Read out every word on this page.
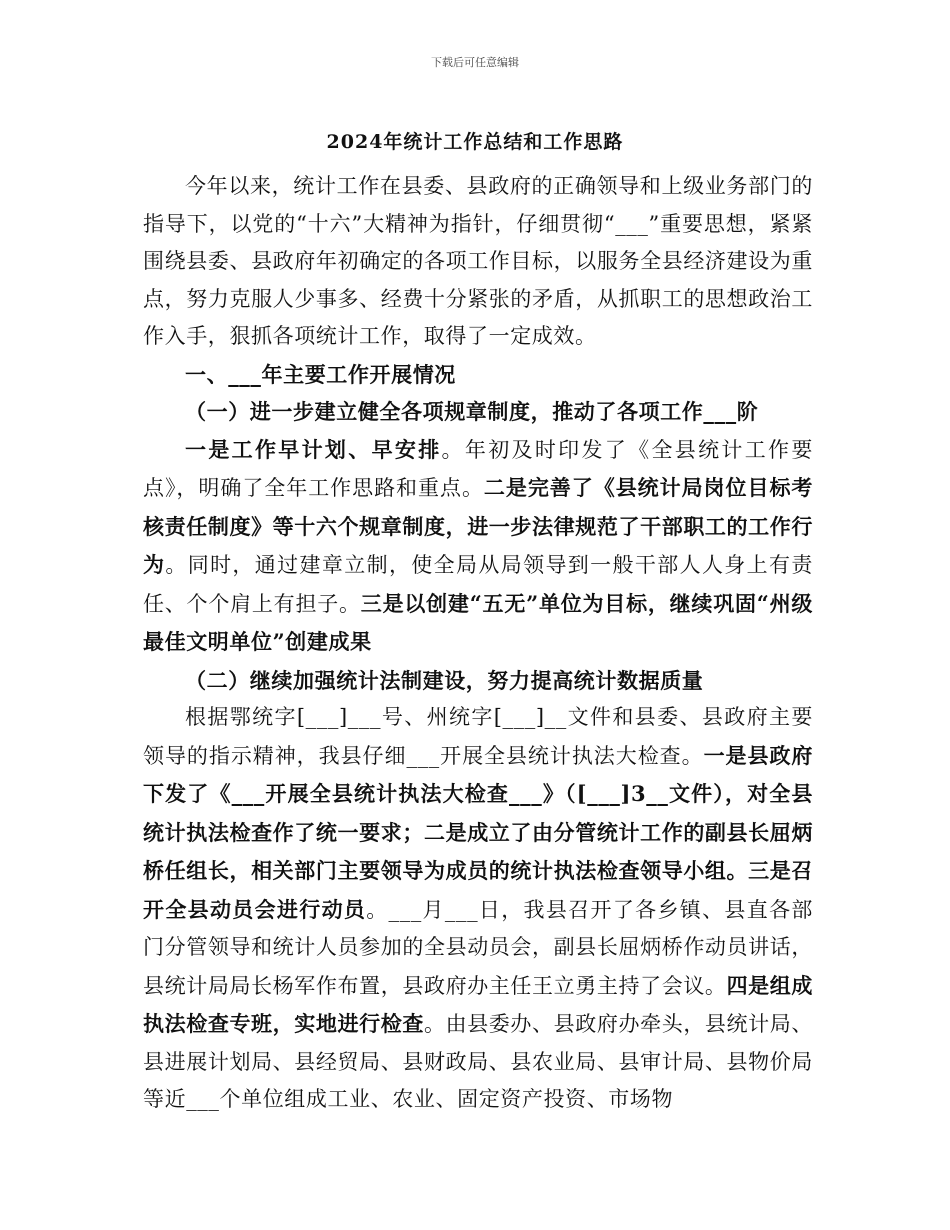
下载后可任意编辑
2024年统计工作总结和工作思路

今年以来，统计工作在县委、县政府的正确领导和上级业务部门的指导下，以党的“十六”大精神为指针，仔细贯彻“___”重要思想，紧紧围绕县委、县政府年初确定的各项工作目标，以服务全县经济建设为重点，努力克服人少事多、经费十分紧张的矛盾，从抓职工的思想政治工作入手，狠抓各项统计工作，取得了一定成效。

一、___年主要工作开展情况

（一）进一步建立健全各项规章制度，推动了各项工作___阶

一是工作早计划、早安排。年初及时印发了《全县统计工作要点》，明确了全年工作思路和重点。二是完善了《县统计局岗位目标考核责任制度》等十六个规章制度，进一步法律规范了干部职工的工作行为。同时，通过建章立制，使全局从局领导到一般干部人人身上有责任、个个肩上有担子。三是以创建“五无”单位为目标，继续巩固“州级最佳文明单位”创建成果

（二）继续加强统计法制建设，努力提高统计数据质量

根据鄂统字[___]___号、州统字[___]__文件和县委、县政府主要领导的指示精神，我县仔细___开展全县统计执法大检查。一是县政府下发了《___开展全县统计执法大检查___》（[___]3__文件），对全县统计执法检查作了统一要求；二是成立了由分管统计工作的副县长屈炳桥任组长，相关部门主要领导为成员的统计执法检查领导小组。三是召开全县动员会进行动员。___月___日，我县召开了各乡镇、县直各部门分管领导和统计人员参加的全县动员会，副县长屈炳桥作动员讲话，县统计局局长杨军作布置，县政府办主任王立勇主持了会议。四是组成执法检查专班，实地进行检查。由县委办、县政府办牵头，县统计局、县进展计划局、县经贸局、县财政局、县农业局、县审计局、县物价局等近___个单位组成工业、农业、固定资产投资、市场物
